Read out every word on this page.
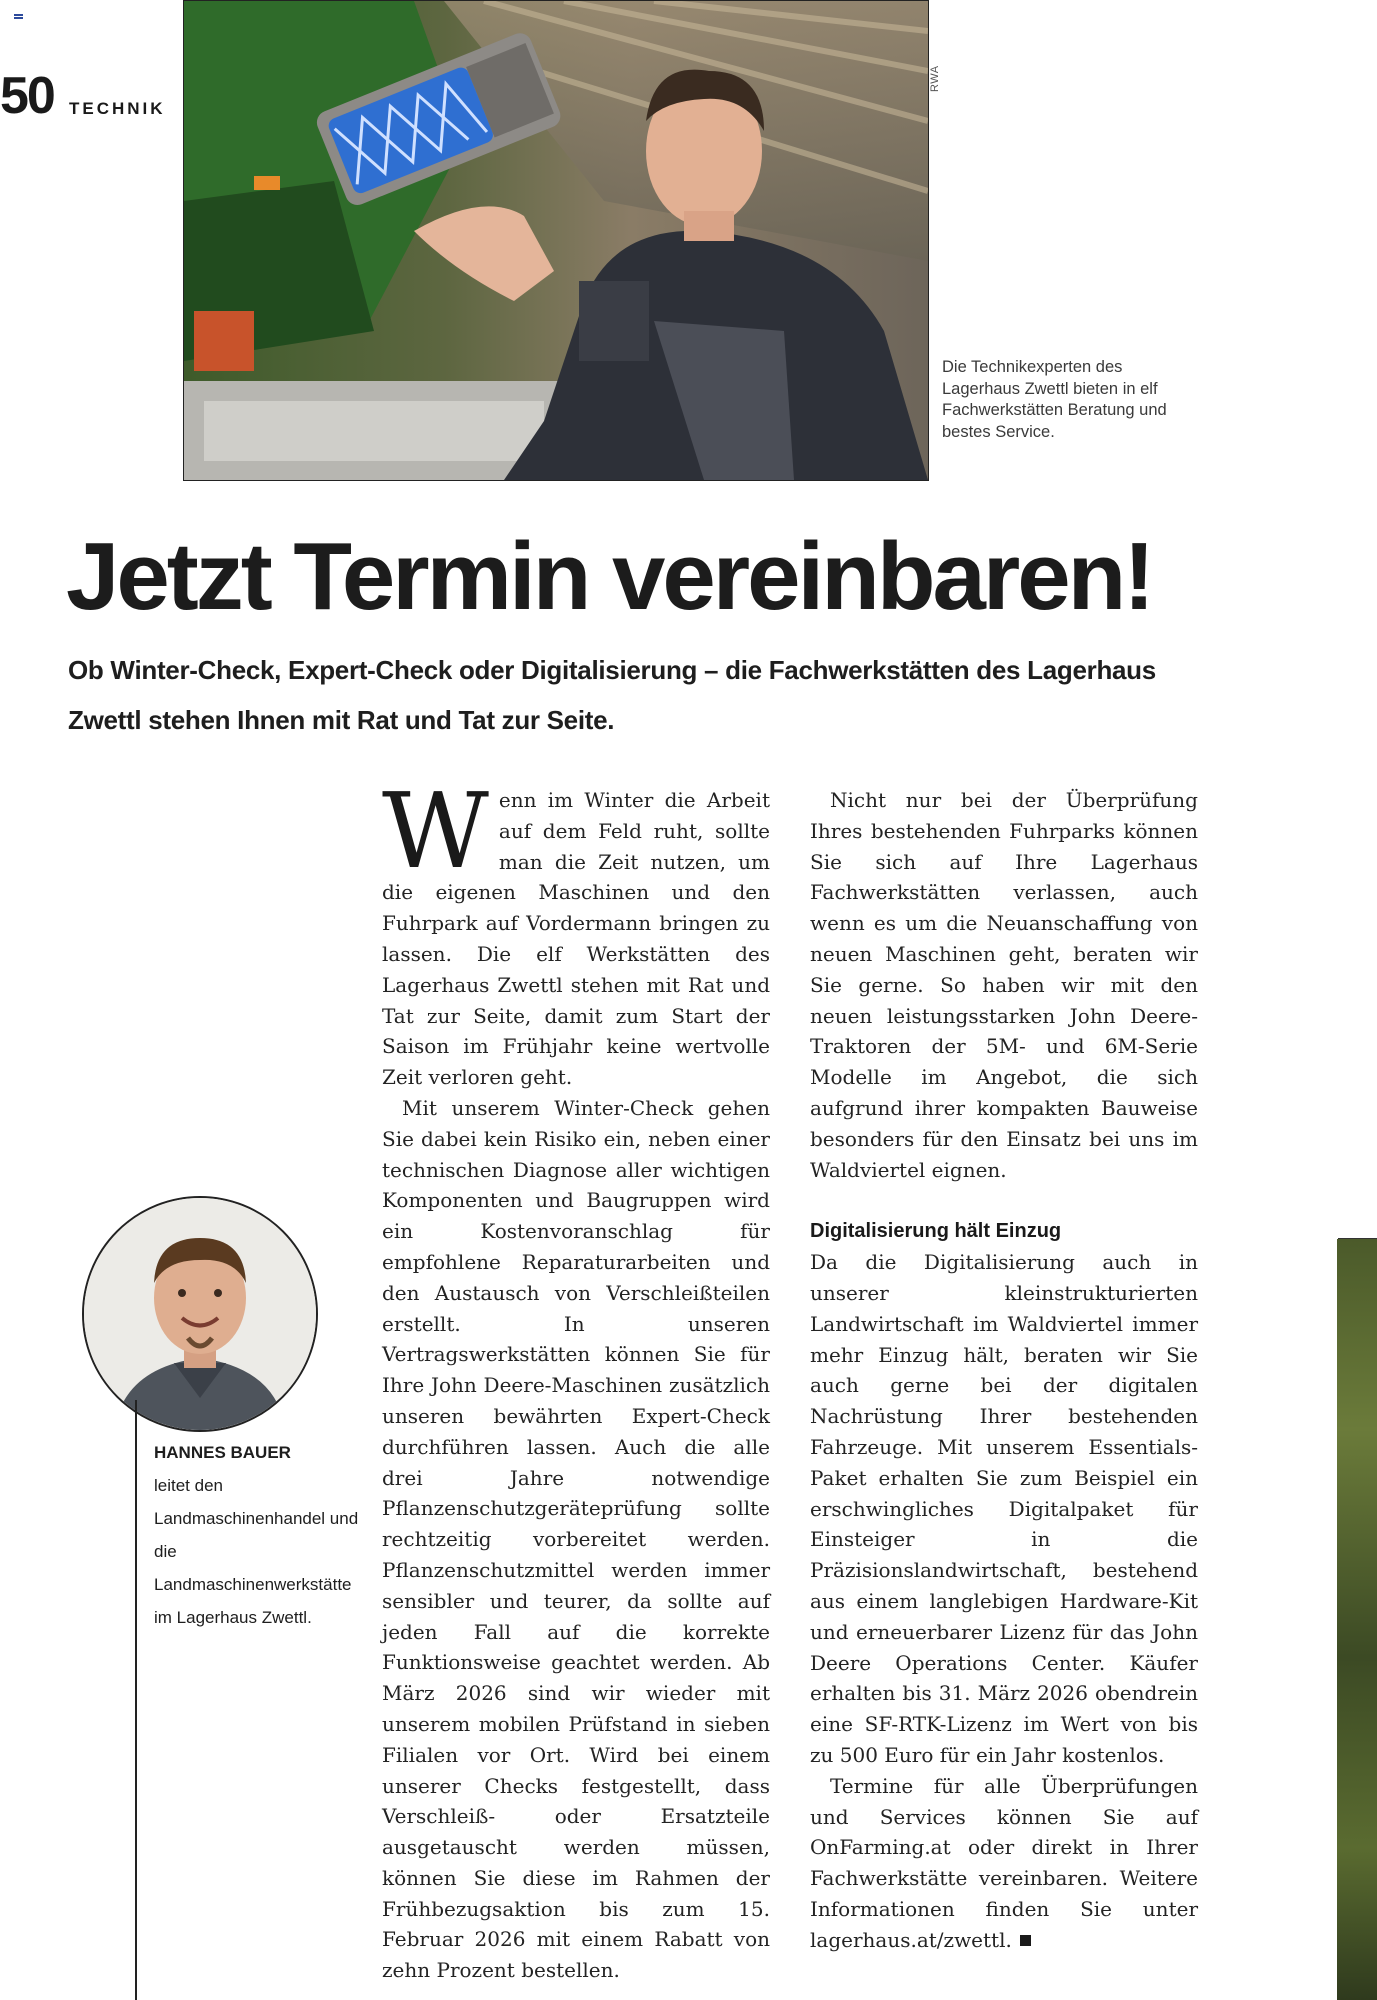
50 TECHNIK
RWA
Die Technikexperten des Lagerhaus Zwettl bieten in elf Fachwerkstätten Beratung und bestes Service.
Jetzt Termin vereinbaren!

Ob Winter-Check, Expert-Check oder Digitalisierung – die Fachwerkstätten des Lagerhaus Zwettl stehen Ihnen mit Rat und Tat zur Seite.

HANNES BAUER
leitet den Landmaschinenhandel und die Landmaschinenwerkstätte im Lagerhaus Zwettl.

Wenn im Winter die Arbeit auf dem Feld ruht, sollte man die Zeit nutzen, um die eigenen Maschinen und den Fuhrpark auf Vordermann bringen zu lassen. Die elf Werkstätten des Lagerhaus Zwettl stehen mit Rat und Tat zur Seite, damit zum Start der Saison im Frühjahr keine wertvolle Zeit verloren geht.

Mit unserem Winter-Check gehen Sie dabei kein Risiko ein, neben einer technischen Diagnose aller wichtigen Komponenten und Baugruppen wird ein Kostenvoranschlag für empfohlene Reparaturarbeiten und den Austausch von Verschleißteilen erstellt. In unseren Vertragswerkstätten können Sie für Ihre John Deere-Maschinen zusätzlich unseren bewährten Expert-Check durchführen lassen. Auch die alle drei Jahre notwendige Pflanzenschutzgeräteprüfung sollte rechtzeitig vorbereitet werden. Pflanzenschutzmittel werden immer sensibler und teurer, da sollte auf jeden Fall auf die korrekte Funktionsweise geachtet werden. Ab März 2026 sind wir wieder mit unserem mobilen Prüfstand in sieben Filialen vor Ort. Wird bei einem unserer Checks festgestellt, dass Verschleiß- oder Ersatzteile ausgetauscht werden müssen, können Sie diese im Rahmen der Frühbezugsaktion bis zum 15. Februar 2026 mit einem Rabatt von zehn Prozent bestellen.

Nicht nur bei der Überprüfung Ihres bestehenden Fuhrparks können Sie sich auf Ihre Lagerhaus Fachwerkstätten verlassen, auch wenn es um die Neuanschaffung von neuen Maschinen geht, beraten wir Sie gerne. So haben wir mit den neuen leistungsstarken John Deere-Traktoren der 5M- und 6M-Serie Modelle im Angebot, die sich aufgrund ihrer kompakten Bauweise besonders für den Einsatz bei uns im Waldviertel eignen.

Digitalisierung hält Einzug

Da die Digitalisierung auch in unserer kleinstrukturierten Landwirtschaft im Waldviertel immer mehr Einzug hält, beraten wir Sie auch gerne bei der digitalen Nachrüstung Ihrer bestehenden Fahrzeuge. Mit unserem Essentials-Paket erhalten Sie zum Beispiel ein erschwingliches Digitalpaket für Einsteiger in die Präzisionslandwirtschaft, bestehend aus einem langlebigen Hardware-Kit und erneuerbarer Lizenz für das John Deere Operations Center. Käufer erhalten bis 31. März 2026 obendrein eine SF-RTK-Lizenz im Wert von bis zu 500 Euro für ein Jahr kostenlos.

Termine für alle Überprüfungen und Services können Sie auf OnFarming.at oder direkt in Ihrer Fachwerkstätte vereinbaren. Weitere Informationen finden Sie unter lagerhaus.at/zwettl.
